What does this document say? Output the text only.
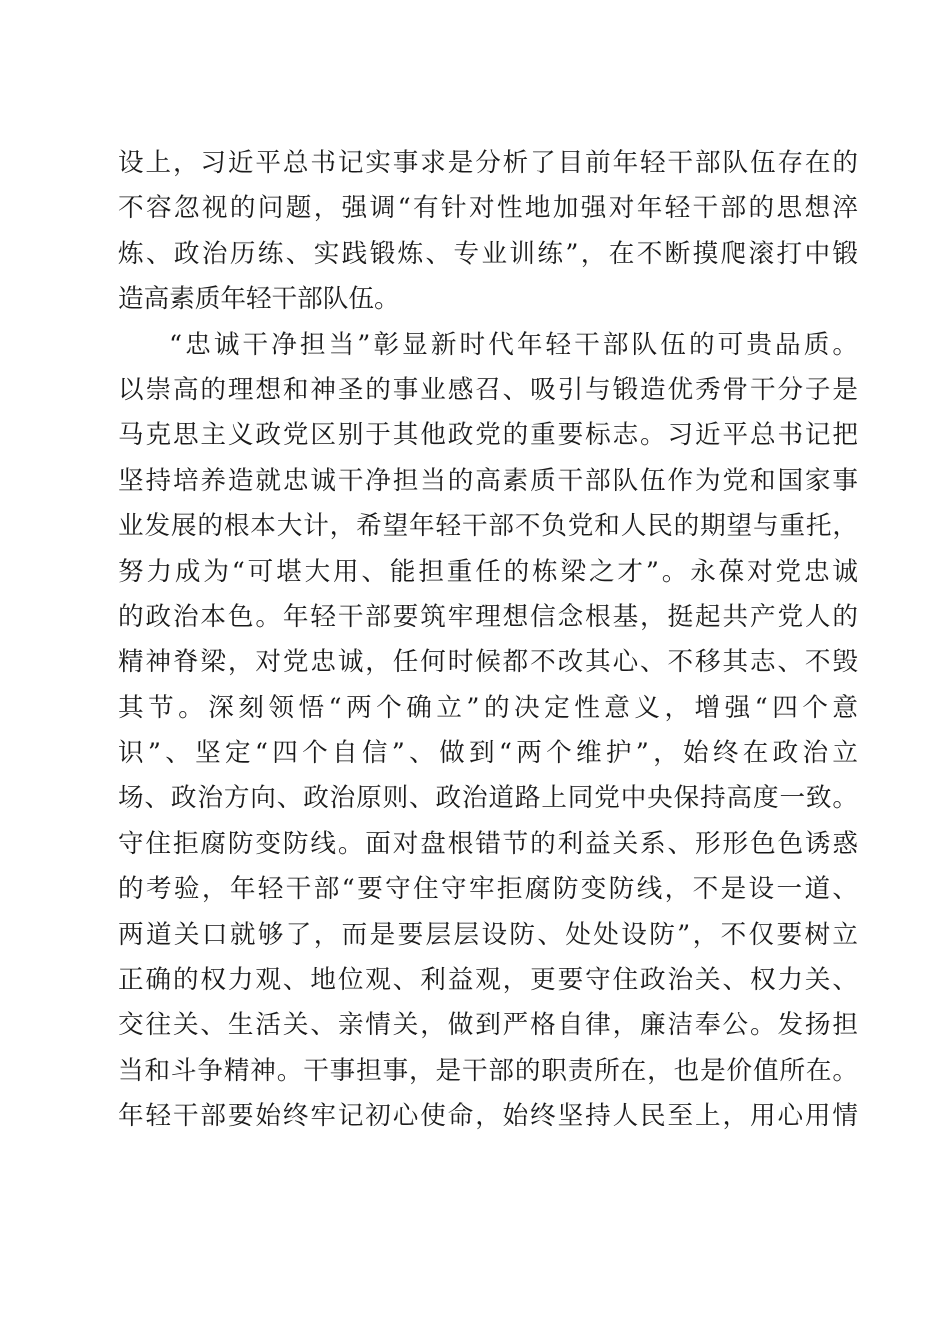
设上，习近平总书记实事求是分析了目前年轻干部队伍存在的
不容忽视的问题，强调“有针对性地加强对年轻干部的思想淬
炼、政治历练、实践锻炼、专业训练”，在不断摸爬滚打中锻
造高素质年轻干部队伍。
“忠诚干净担当”彰显新时代年轻干部队伍的可贵品质。
以崇高的理想和神圣的事业感召、吸引与锻造优秀骨干分子是
马克思主义政党区别于其他政党的重要标志。习近平总书记把
坚持培养造就忠诚干净担当的高素质干部队伍作为党和国家事
业发展的根本大计，希望年轻干部不负党和人民的期望与重托，
努力成为“可堪大用、能担重任的栋梁之才”。永葆对党忠诚
的政治本色。年轻干部要筑牢理想信念根基，挺起共产党人的
精神脊梁，对党忠诚，任何时候都不改其心、不移其志、不毁
其节。深刻领悟“两个确立”的决定性意义，增强“四个意
识”、坚定“四个自信”、做到“两个维护”，始终在政治立
场、政治方向、政治原则、政治道路上同党中央保持高度一致。
守住拒腐防变防线。面对盘根错节的利益关系、形形色色诱惑
的考验，年轻干部“要守住守牢拒腐防变防线，不是设一道、
两道关口就够了，而是要层层设防、处处设防”，不仅要树立
正确的权力观、地位观、利益观，更要守住政治关、权力关、
交往关、生活关、亲情关，做到严格自律，廉洁奉公。发扬担
当和斗争精神。干事担事，是干部的职责所在，也是价值所在。
年轻干部要始终牢记初心使命，始终坚持人民至上，用心用情
